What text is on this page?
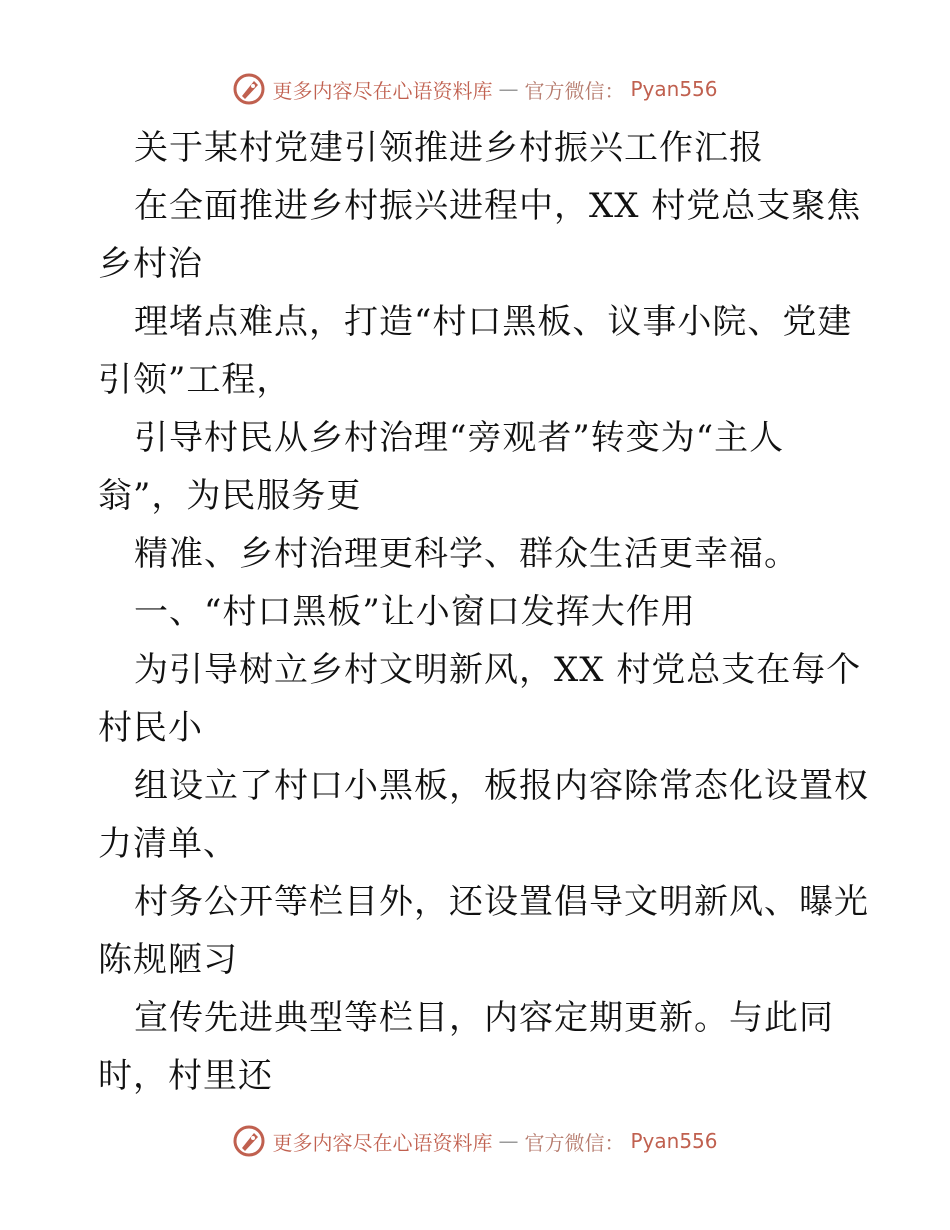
更多内容尽在心语资料库 — 官方微信： Pyan556
关于某村党建引领推进乡村振兴工作汇报
在全面推进乡村振兴进程中，XX 村党总支聚焦
乡村治
理堵点难点，打造“村口黑板、议事小院、党建
引领”工程，
引导村民从乡村治理“旁观者”转变为“主人
翁”，为民服务更
精准、乡村治理更科学、群众生活更幸福。
一、“村口黑板”让小窗口发挥大作用
为引导树立乡村文明新风，XX 村党总支在每个
村民小
组设立了村口小黑板，板报内容除常态化设置权
力清单、
村务公开等栏目外，还设置倡导文明新风、曝光
陈规陋习
宣传先进典型等栏目，内容定期更新。与此同
时，村里还
更多内容尽在心语资料库 — 官方微信： Pyan556
